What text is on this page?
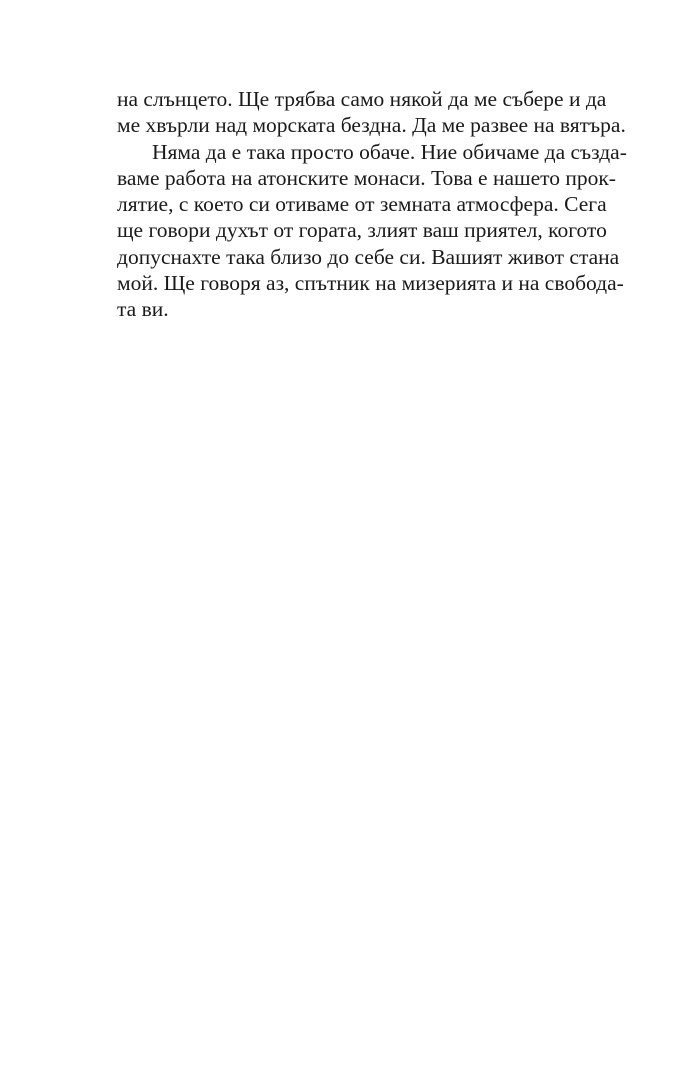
на слънцето. Ще трябва само някой да ме събере и да
ме хвърли над морската бездна. Да ме развее на вятъра.
Няма да е така просто обаче. Ние обичаме да създа-
ваме работа на атонските монаси. Това е нашето прок-
лятие, с което си отиваме от земната атмосфера. Сега
ще говори духът от гората, злият ваш приятел, когото
допуснахте така близо до себе си. Вашият живот стана
мой. Ще говоря аз, спътник на мизерията и на свобода-
та ви.
